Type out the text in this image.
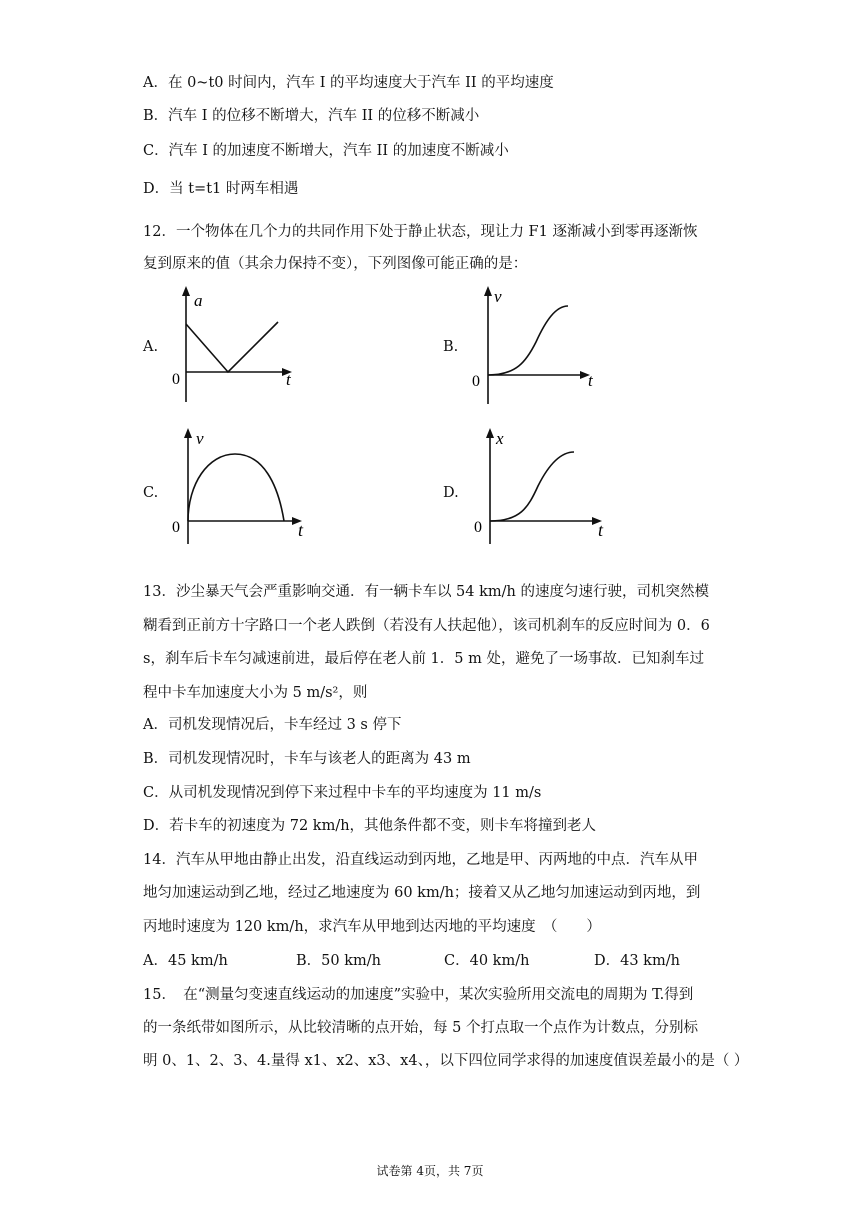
A．在 0~t0 时间内，汽车 I 的平均速度大于汽车 II 的平均速度
B．汽车 I 的位移不断增大，汽车 II 的位移不断减小
C．汽车 I 的加速度不断增大，汽车 II 的加速度不断减小
D．当 t=t1 时两车相遇
12．一个物体在几个力的共同作用下处于静止状态，现让力 F1 逐渐减小到零再逐渐恢
复到原来的值（其余力保持不变），下列图像可能正确的是：
A.
a
t
0
B.
v
t
0
C.
v
t
0
D.
x
t
0
13．沙尘暴天气会严重影响交通．有一辆卡车以 54 km/h 的速度匀速行驶，司机突然模
糊看到正前方十字路口一个老人跌倒（若没有人扶起他），该司机刹车的反应时间为 0．6
s，刹车后卡车匀减速前进，最后停在老人前 1．5 m 处，避免了一场事故．已知刹车过
程中卡车加速度大小为 5 m/s²，则
A．司机发现情况后，卡车经过 3 s 停下
B．司机发现情况时，卡车与该老人的距离为 43 m
C．从司机发现情况到停下来过程中卡车的平均速度为 11 m/s
D．若卡车的初速度为 72 km/h，其他条件都不变，则卡车将撞到老人
14．汽车从甲地由静止出发，沿直线运动到丙地，乙地是甲、丙两地的中点．汽车从甲
地匀加速运动到乙地，经过乙地速度为 60 km/h；接着又从乙地匀加速运动到丙地，到
丙地时速度为 120 km/h，求汽车从甲地到达丙地的平均速度　（　　）
A．45 km/h	B．50 km/h	C．40 km/h	D．43 km/h
15．　在“测量匀变速直线运动的加速度”实验中，某次实验所用交流电的周期为 T.得到
的一条纸带如图所示，从比较清晰的点开始，每 5 个打点取一个点作为计数点，分别标
明 0、1、2、3、4.量得 x1、x2、x3、x4、，以下四位同学求得的加速度值误差最小的是（ ）
试卷第 4页，共 7页
